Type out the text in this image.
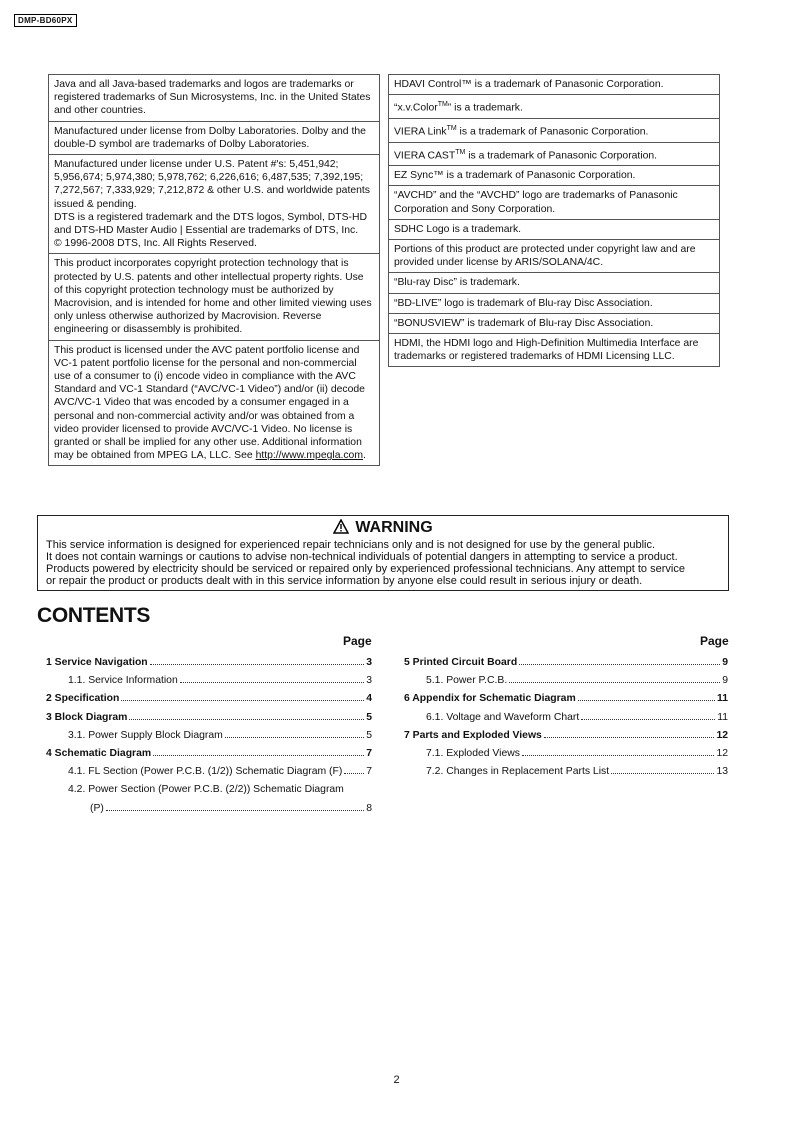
DMP-BD60PX

Java and all Java-based trademarks and logos are trademarks or registered trademarks of Sun Microsystems, Inc. in the United States and other countries.

Manufactured under license from Dolby Laboratories. Dolby and the double-D symbol are trademarks of Dolby Laboratories.

Manufactured under license under U.S. Patent #'s: 5,451,942; 5,956,674; 5,974,380; 5,978,762; 6,226,616; 6,487,535; 7,392,195; 7,272,567; 7,333,929; 7,212,872 & other U.S. and worldwide patents issued & pending.

DTS is a registered trademark and the DTS logos, Symbol, DTS-HD and DTS-HD Master Audio | Essential are trademarks of DTS, Inc.

© 1996-2008 DTS, Inc. All Rights Reserved.

This product incorporates copyright protection technology that is protected by U.S. patents and other intellectual property rights. Use of this copyright protection technology must be authorized by Macrovision, and is intended for home and other limited viewing uses only unless otherwise authorized by Macrovision. Reverse engineering or disassembly is prohibited.

This product is licensed under the AVC patent portfolio license and VC-1 patent portfolio license for the personal and non-commercial use of a consumer to (i) encode video in compliance with the AVC Standard and VC-1 Standard (“AVC/VC-1 Video”) and/or (ii) decode AVC/VC-1 Video that was encoded by a consumer engaged in a personal and non-commercial activity and/or was obtained from a video provider licensed to provide AVC/VC-1 Video. No license is granted or shall be implied for any other use. Additional information may be obtained from MPEG LA, LLC. See http://www.mpegla.com.

HDAVI Control™ is a trademark of Panasonic Corporation.

“x.v.Color™” is a trademark.

VIERA Link™ is a trademark of Panasonic Corporation.

VIERA CAST™ is a trademark of Panasonic Corporation.

EZ Sync™ is a trademark of Panasonic Corporation.

“AVCHD” and the “AVCHD” logo are trademarks of Panasonic Corporation and Sony Corporation.

SDHC Logo is a trademark.

Portions of this product are protected under copyright law and are provided under license by ARIS/SOLANA/4C.

“Blu-ray Disc” is trademark.

“BD-LIVE” logo is trademark of Blu-ray Disc Association.

“BONUSVIEW” is trademark of Blu-ray Disc Association.

HDMI, the HDMI logo and High-Definition Multimedia Interface are trademarks or registered trademarks of HDMI Licensing LLC.

WARNING
This service information is designed for experienced repair technicians only and is not designed for use by the general public.
It does not contain warnings or cautions to advise non-technical individuals of potential dangers in attempting to service a product.
Products powered by electricity should be serviced or repaired only by experienced professional technicians. Any attempt to service
or repair the product or products dealt with in this service information by anyone else could result in serious injury or death.
CONTENTS
Page	Page
1 Service Navigation	3
1.1. Service Information	3
2 Specification	4
3 Block Diagram	5
3.1. Power Supply Block Diagram	5
4 Schematic Diagram	7
4.1. FL Section (Power P.C.B. (1/2)) Schematic Diagram (F) 7
4.2. Power Section (Power P.C.B. (2/2)) Schematic Diagram
(P)	8
5 Printed Circuit Board	9
5.1. Power P.C.B.	9
6 Appendix for Schematic Diagram	11
6.1. Voltage and Waveform Chart	11
7 Parts and Exploded Views	12
7.1. Exploded Views	12
7.2. Changes in Replacement Parts List	13
2
